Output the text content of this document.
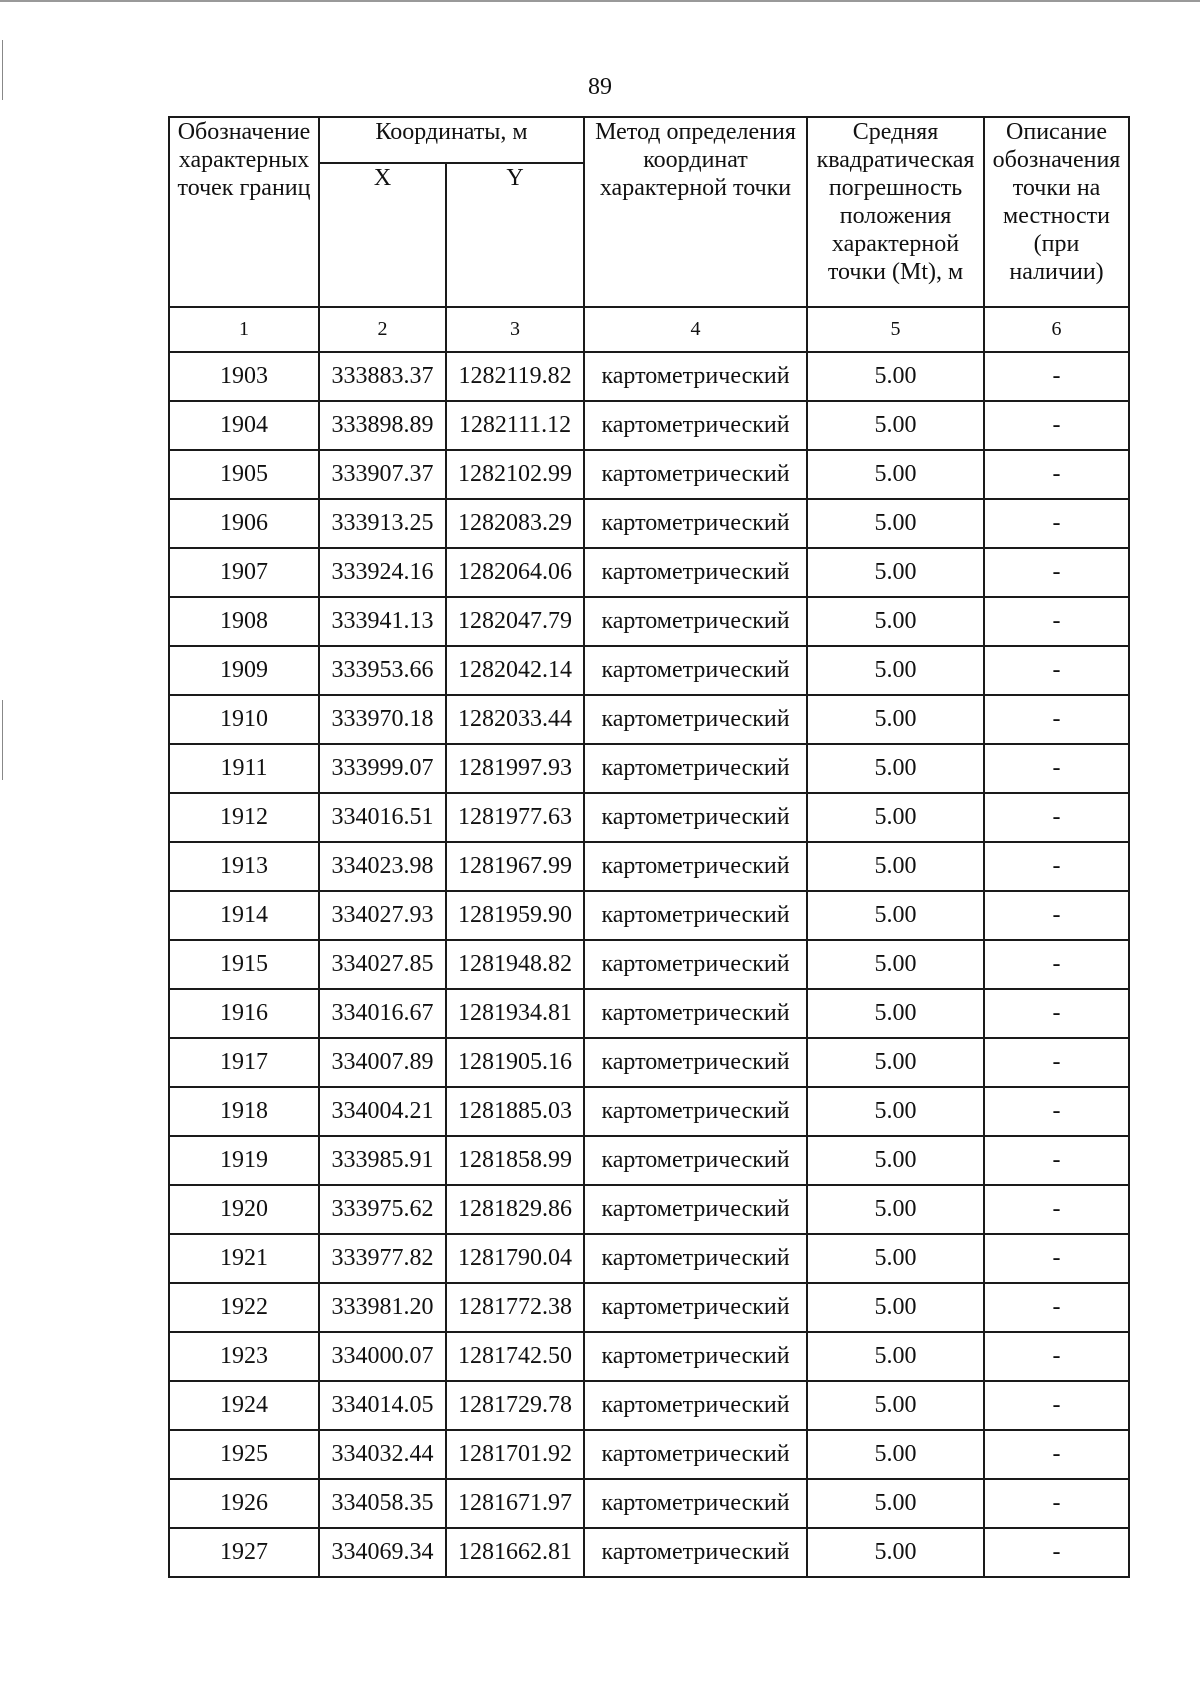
89
Обозначение характерных точек границ	Координаты, м		Метод определения координат характерной точки	Средняя квадратическая погрешность положения характерной точки (Mt), м	Описание обозначения точки на местности (при наличии)
	X	Y			
1	2	3	4	5	6
1903	333883.37	1282119.82	картометрический	5.00	-
1904	333898.89	1282111.12	картометрический	5.00	-
1905	333907.37	1282102.99	картометрический	5.00	-
1906	333913.25	1282083.29	картометрический	5.00	-
1907	333924.16	1282064.06	картометрический	5.00	-
1908	333941.13	1282047.79	картометрический	5.00	-
1909	333953.66	1282042.14	картометрический	5.00	-
1910	333970.18	1282033.44	картометрический	5.00	-
1911	333999.07	1281997.93	картометрический	5.00	-
1912	334016.51	1281977.63	картометрический	5.00	-
1913	334023.98	1281967.99	картометрический	5.00	-
1914	334027.93	1281959.90	картометрический	5.00	-
1915	334027.85	1281948.82	картометрический	5.00	-
1916	334016.67	1281934.81	картометрический	5.00	-
1917	334007.89	1281905.16	картометрический	5.00	-
1918	334004.21	1281885.03	картометрический	5.00	-
1919	333985.91	1281858.99	картометрический	5.00	-
1920	333975.62	1281829.86	картометрический	5.00	-
1921	333977.82	1281790.04	картометрический	5.00	-
1922	333981.20	1281772.38	картометрический	5.00	-
1923	334000.07	1281742.50	картометрический	5.00	-
1924	334014.05	1281729.78	картометрический	5.00	-
1925	334032.44	1281701.92	картометрический	5.00	-
1926	334058.35	1281671.97	картометрический	5.00	-
1927	334069.34	1281662.81	картометрический	5.00	-
